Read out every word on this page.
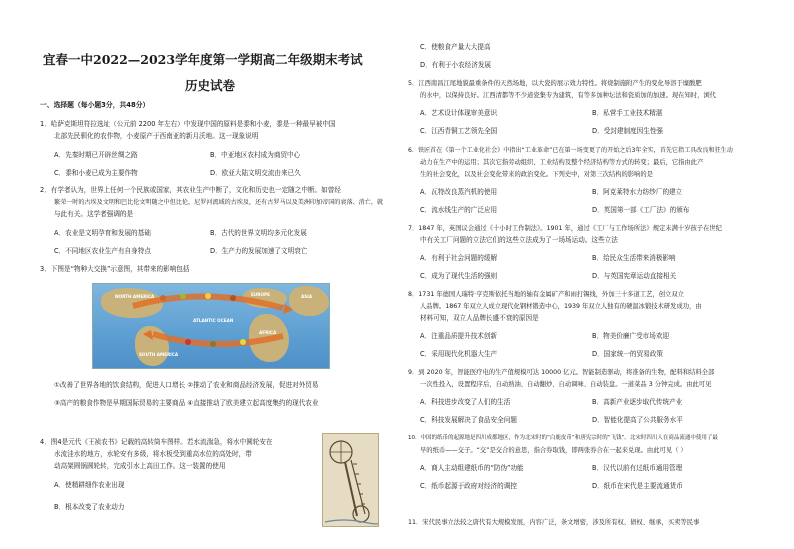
宜春一中2022—2023学年度第一学期高二年级期末考试
历史试卷
一、选择题（每小题3分，共48分）
1．哈萨克斯坦符拉选址（公元前 2200 年左右）中发现中国的原料是黍和小麦，黍是一种最早被中国
北部先民驯化的农作物，小麦原产于西南亚的新月沃地。这一现象说明
A．先秦时期已开辟丝绸之路	B．中亚地区农村成为商贸中心
C．黍和小麦已成为主要作物	D．欧亚大陆文明交流由来已久
2．有学者认为，世界上任何一个民族或国家，其农业生产中断了，文化和历史也一定随之中断。如曾经
繁荣一时的古埃及文明和巴比伦文明随之中但比伦，尼罗河流域的古埃及，还有古罗马以及美洲印加帝国的衰落、消亡，就
与此有关。这学者强调的是
A．农业是文明孕育和发展的基础	B．古代的世界文明均多元化发展
C．不同地区农业生产有自身特点	D．生产力的发展加速了文明衰亡
3．下图是“物种大交换”示意图，其带来的影响包括
①改善了世界各地的饮食结构，促进人口增长 ②推动了农业和商品经济发展，促进对外贸易
③高产的粮食作物是早期国际贸易的主要商品 ④直接推动了欧美建立起高度集约的现代农业
4．图4是元代《王祯农书》记载的高转筒车图样。若水流湍急，将水中圆轮安在
水流洼水的地方，水轮安有多级，将水板受到重高水位的高处时，带
动高架圆锅圆轮转，完成引水上高田工作。这一装置的使用
A．使精耕细作农业出现
B．根本改变了农业动力
NORTH AMERICA	EUROPE	ASIA
ATLANTIC OCEAN
AFRICA
SOUTH AMERICA
C．使粮食产量大大提高
D．有利于小农经济发展
5．江西南昌江尾地貌最重条件的天然场地，以大瓷的展示效力特性。将烧制施附产生的变化导溶于糜酸肥
的水中，以保持良好。江西清都等不少道瓷集专为建筑，有等多加种坛法和瓷质加的加速。现在知时，浏代
A．艺术设计体现审美意识	B．私营手工业技术精湛
C．江西青铜工艺领先全国	D．受封建制度因生性强
6．铁匠首在《第一个工业化社会》中指出“工业革命”已在第一场变更了的开始之后3年全实，首先它指工具改良和狂生动
动力在生产中的运用；其次它指劳动组织、工业结构及整个经济结构等方式的转变；最后，它指由此产
生的社会变化，以及社会变化带来的政治变化。下列史中，对第三次结构的影响的是
A．瓦特改良蒸汽机的使用	B．阿克莱特水力纺纱厂的建立
C．流水线生产的广泛应用	D．英国第一部《工厂法》的颁布
7．1847 年，英国议会通过《十小时工作制法》。1901 年，通过《工厂与工作场所法》规定未满十岁孩子在世纪
中有关工厂问题的立法它们的这些立法成为了一场场运动。这些立法
A．有利于社会问题的缓解	B．给民众生活带来消极影响
C．成为了现代生活的强则	D．与英国宪章运动直接相关
8．1731 年德国人瑞特·亨克斯依托当地的轴有金属矿产和雨打锡线，外加三十多道工艺，创立双立
人品牌。1867 年双立人成立现代化钢材锻造中心，1939 年双立人独有的硬温冰锻技术研发成功，由
材料可知，双立人品牌长盛不衰的原因是
A．注重品质提升技术创新	B．物美价廉广受市场欢迎
C．采用现代化机器大生产	D．国家统一的贸易政策
9．到 2020 年，智能医疗电的生产值规模可达 10000 亿元。智能制造驱动，将准备的生物，配料和结料全部
一次性投入，设置程序后，自动熟油、自动翻炒、自动调味、自动装盘。一道菜品 3 分钟完成。由此可见
A．科技进步改变了人们的生活	B．高新产业逐步取代传统产业
C．科技发展解决了食品安全问题	D．智能化提高了公共服务水平
10．中国的纸币的起源地是四川成都地区，作为北宋时的“白鹿皮币”和唐宪宗时的“飞钱”。北宋时四川人在商品流通中使用了最
早的纸币——交子。“交”是交合的意思，指合券取钱，即两张券合在一起来兑现。由此可见（ ）
A．商人主动组建纸币的“防伪”功能	B．汉代以前有过纸币通用管理
C．纸币起源于政府对经济的调控	D．纸币在宋代是主要流通货币
11．宋代民事立法较之唐代有大规模发展，内容广泛，条文增密，涉及所有权、债权、继承，买卖等民事
